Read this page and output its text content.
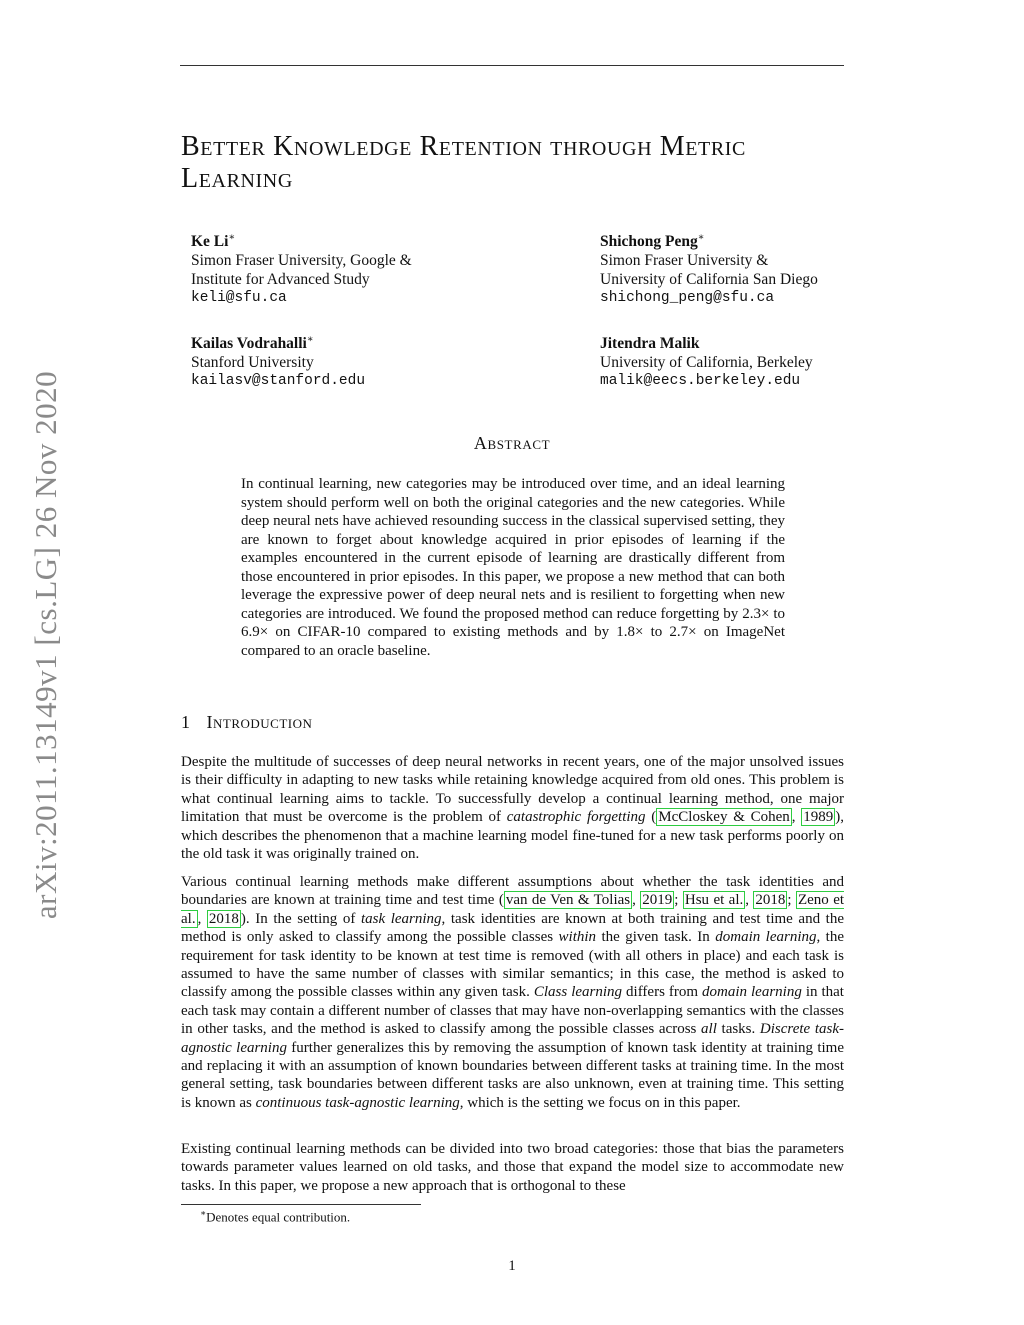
arXiv:2011.13149v1 [cs.LG] 26 Nov 2020
Better Knowledge Retention through Metric Learning
Ke Li∗
Simon Fraser University, Google &
Institute for Advanced Study
keli@sfu.ca
Shichong Peng∗
Simon Fraser University &
University of California San Diego
shichong_peng@sfu.ca
Kailas Vodrahalli∗
Stanford University
kailasv@stanford.edu
Jitendra Malik
University of California, Berkeley
malik@eecs.berkeley.edu
Abstract

In continual learning, new categories may be introduced over time, and an ideal learning system should perform well on both the original categories and the new categories. While deep neural nets have achieved resounding success in the classical supervised setting, they are known to forget about knowledge acquired in prior episodes of learning if the examples encountered in the current episode of learning are drastically different from those encountered in prior episodes. In this paper, we propose a new method that can both leverage the expressive power of deep neural nets and is resilient to forgetting when new categories are introduced. We found the proposed method can reduce forgetting by 2.3× to 6.9× on CIFAR-10 compared to existing methods and by 1.8× to 2.7× on ImageNet compared to an oracle baseline.

1 Introduction

Despite the multitude of successes of deep neural networks in recent years, one of the major unsolved issues is their difficulty in adapting to new tasks while retaining knowledge acquired from old ones. This problem is what continual learning aims to tackle. To successfully develop a continual learning method, one major limitation that must be overcome is the problem of catastrophic forgetting ( McCloskey & Cohen , 1989 ), which describes the phenomenon that a machine learning model fine-tuned for a new task performs poorly on the old task it was originally trained on.

Various continual learning methods make different assumptions about whether the task identities and boundaries are known at training time and test time ( van de Ven & Tolias , 2019 ; Hsu et al. , 2018 ; Zeno et al. , 2018 ). In the setting of task learning, task identities are known at both training and test time and the method is only asked to classify among the possible classes within the given task. In domain learning, the requirement for task identity to be known at test time is removed (with all others in place) and each task is assumed to have the same number of classes with similar semantics; in this case, the method is asked to classify among the possible classes within any given task. Class learning differs from domain learning in that each task may contain a different number of classes that may have non-overlapping semantics with the classes in other tasks, and the method is asked to classify among the possible classes across all tasks. Discrete task-agnostic learning further generalizes this by removing the assumption of known task identity at training time and replacing it with an assumption of known boundaries between different tasks at training time. In the most general setting, task boundaries between different tasks are also unknown, even at training time. This setting is known as continuous task-agnostic learning, which is the setting we focus on in this paper.

Existing continual learning methods can be divided into two broad categories: those that bias the parameters towards parameter values learned on old tasks, and those that expand the model size to accommodate new tasks. In this paper, we propose a new approach that is orthogonal to these

∗Denotes equal contribution.
1
